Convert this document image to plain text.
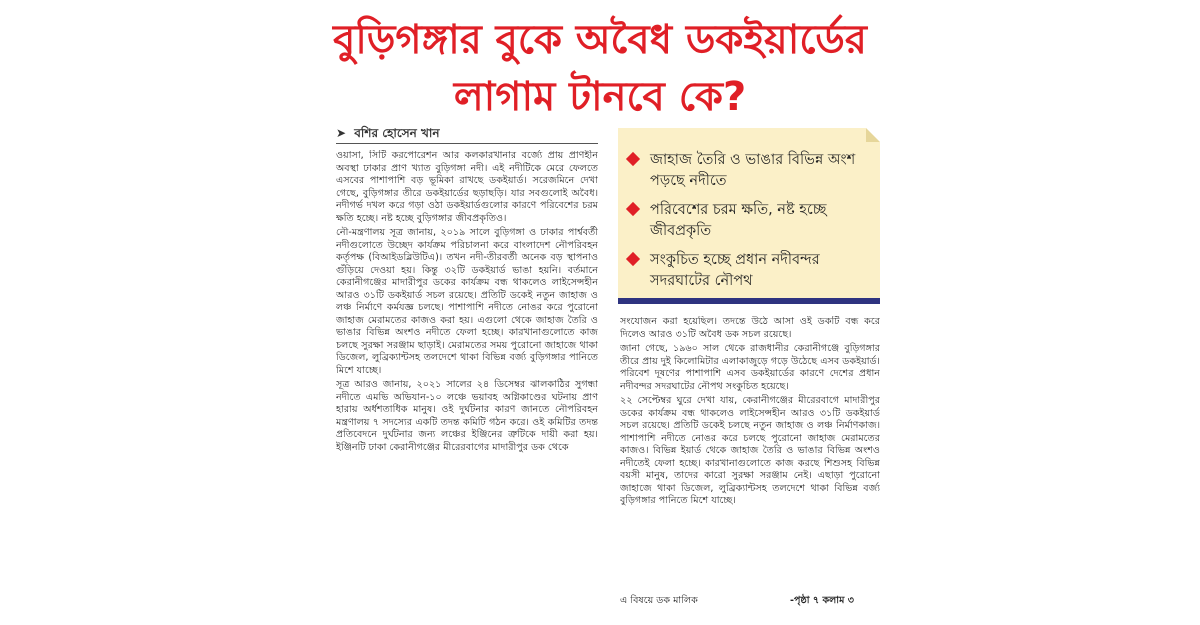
বুড়িগঙ্গার বুকে অবৈধ ডকইয়ার্ডের
লাগাম টানবে কে?
➤ বশির হোসেন খান

ওয়াসা, সিটি করপোরেশন আর কলকারখানার বর্জ্যে প্রায় প্রাণহীন অবস্থা ঢাকার প্রাণ খ্যাত বুড়িগঙ্গা নদী। এই নদীটিকে মেরে ফেলতে এসবের পাশাপাশি বড় ভূমিকা রাখছে ডকইয়ার্ড। সরেজমিনে দেখা গেছে, বুড়িগঙ্গার তীরে ডকইয়ার্ডের ছড়াছড়ি। যার সবগুলোই অবৈধ। নদীগর্ভ দখল করে গড়া ওঠা ডকইয়ার্ডগুলোর কারণে পরিবেশের চরম ক্ষতি হচ্ছে। নষ্ট হচ্ছে বুড়িগঙ্গার জীবপ্রকৃতিও।

নৌ-মন্ত্রণালয় সূত্র জানায়, ২০১৯ সালে বুড়িগঙ্গা ও ঢাকার পার্শ্ববর্তী নদীগুলোতে উচ্ছেদ কার্যক্রম পরিচালনা করে বাংলাদেশ নৌপরিবহন কর্তৃপক্ষ (বিআইডব্লিউটিএ)। তখন নদী-তীরবর্তী অনেক বড় স্থাপনাও গুঁড়িয়ে দেওয়া হয়। কিন্তু ৩২টি ডকইয়ার্ড ভাঙা হয়নি। বর্তমানে কেরানীগঞ্জের মাদারীপুর ডকের কার্যক্রম বন্ধ থাকলেও লাইসেন্সহীন আরও ৩১টি ডকইয়ার্ড সচল রয়েছে। প্রতিটি ডকেই নতুন জাহাজ ও লঞ্চ নির্মাণে কর্মযজ্ঞ চলছে। পাশাপাশি নদীতে নোঙর করে পুরোনো জাহাজ মেরামতের কাজও করা হয়। এগুলো থেকে জাহাজ তৈরি ও ভাঙার বিভিন্ন অংশও নদীতে ফেলা হচ্ছে। কারখানাগুলোতে কাজ চলছে সুরক্ষা সরঞ্জাম ছাড়াই। মেরামতের সময় পুরোনো জাহাজে থাকা ডিজেল, লুব্রিক্যান্টসহ তলদেশে থাকা বিভিন্ন বর্জ্য বুড়িগঙ্গার পানিতে মিশে যাচ্ছে।

সূত্র আরও জানায়, ২০২১ সালের ২৪ ডিসেম্বর ঝালকাঠির সুগন্ধা নদীতে এমভি অভিযান-১০ লঞ্চে ভয়াবহ অগ্নিকাণ্ডের ঘটনায় প্রাণ হারায় অর্ধশতাধিক মানুষ। ওই দুর্ঘটনার কারণ জানতে নৌপরিবহন মন্ত্রণালয় ৭ সদস্যের একটি তদন্ত কমিটি গঠন করে। ওই কমিটির তদন্ত প্রতিবেদনে দুর্ঘটনার জন্য লঞ্চের ইঞ্জিনের ত্রুটিকে দায়ী করা হয়। ইঞ্জিনটি ঢাকা কেরানীগঞ্জের মীরেরবাগের মাদারীপুর ডক থেকে

জাহাজ তৈরি ও ভাঙার বিভিন্ন অংশ পড়ছে নদীতে
পরিবেশের চরম ক্ষতি, নষ্ট হচ্ছে জীবপ্রকৃতি
সংকুচিত হচ্ছে প্রধান নদীবন্দর সদরঘাটের নৌপথ

সংযোজন করা হয়েছিল। তদন্তে উঠে আসা ওই ডকটি বন্ধ করে দিলেও আরও ৩১টি অবৈধ ডক সচল রয়েছে।

জানা গেছে, ১৯৬০ সাল থেকে রাজধানীর কেরানীগঞ্জে বুড়িগঙ্গার তীরে প্রায় দুই কিলোমিটার এলাকাজুড়ে গড়ে উঠেছে এসব ডকইয়ার্ড। পরিবেশ দূষণের পাশাপাশি এসব ডকইয়ার্ডের কারণে দেশের প্রধান নদীবন্দর সদরঘাটের নৌপথ সংকুচিত হয়েছে।

২২ সেপ্টেম্বর ঘুরে দেখা যায়, কেরানীগঞ্জের মীরেরবাগে মাদারীপুর ডকের কার্যক্রম বন্ধ থাকলেও লাইসেন্সহীন আরও ৩১টি ডকইয়ার্ড সচল রয়েছে। প্রতিটি ডকেই চলছে নতুন জাহাজ ও লঞ্চ নির্মাণকাজ। পাশাপাশি নদীতে নোঙর করে চলছে পুরোনো জাহাজ মেরামতের কাজও। বিভিন্ন ইয়ার্ড থেকে জাহাজ তৈরি ও ভাঙার বিভিন্ন অংশও নদীতেই ফেলা হচ্ছে। কারখানাগুলোতে কাজ করছে শিশুসহ বিভিন্ন বয়সী মানুষ, তাদের কারো সুরক্ষা সরঞ্জাম নেই। এছাড়া পুরোনো জাহাজে থাকা ডিজেল, লুব্রিক্যান্টসহ তলদেশে থাকা বিভিন্ন বর্জ্য বুড়িগঙ্গার পানিতে মিশে যাচ্ছে।

এ বিষয়ে ডক মালিক	-পৃষ্ঠা ৭ কলাম ৩
